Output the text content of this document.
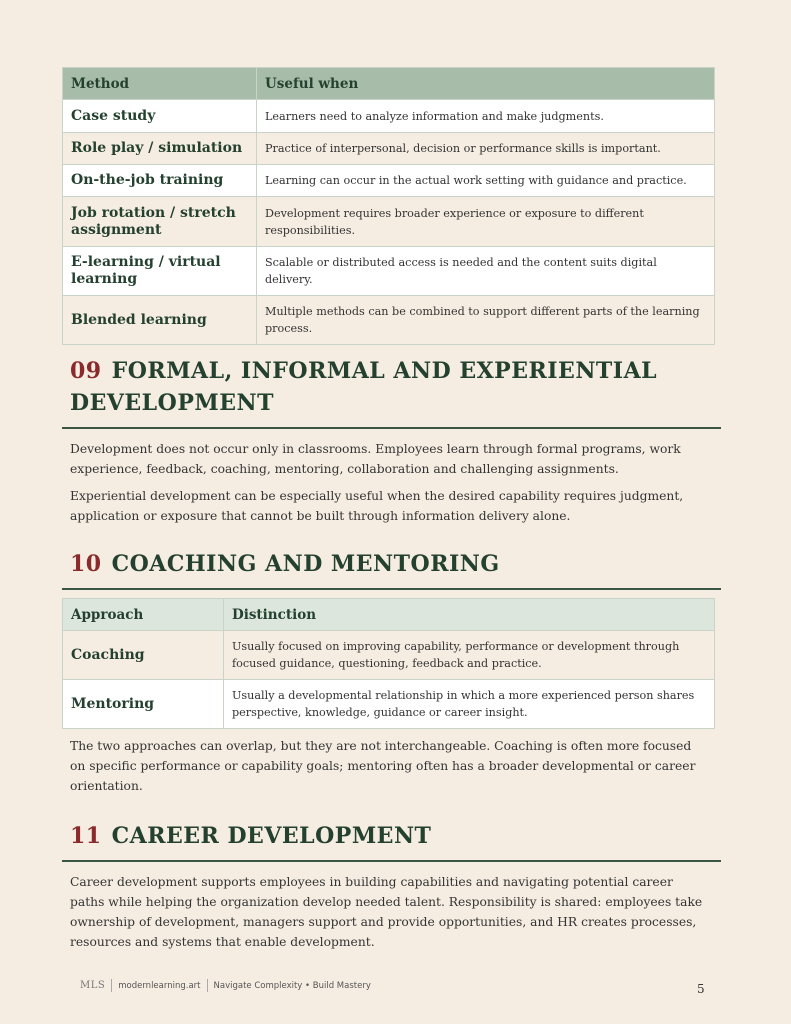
Method	Useful when
Case study	Learners need to analyze information and make judgments.
Role play / simulation	Practice of interpersonal, decision or performance skills is important.
On-the-job training	Learning can occur in the actual work setting with guidance and practice.
Job rotation / stretch assignment	Development requires broader experience or exposure to different responsibilities.
E-learning / virtual learning	Scalable or distributed access is needed and the content suits digital delivery.
Blended learning	Multiple methods can be combined to support different parts of the learning process.
09 FORMAL, INFORMAL AND EXPERIENTIAL DEVELOPMENT

Development does not occur only in classrooms. Employees learn through formal programs, work experience, feedback, coaching, mentoring, collaboration and challenging assignments.

Experiential development can be especially useful when the desired capability requires judgment, application or exposure that cannot be built through information delivery alone.

10 COACHING AND MENTORING
Approach	Distinction
Coaching	Usually focused on improving capability, performance or development through focused guidance, questioning, feedback and practice.
Mentoring	Usually a developmental relationship in which a more experienced person shares perspective, knowledge, guidance or career insight.

The two approaches can overlap, but they are not interchangeable. Coaching is often more focused on specific performance or capability goals; mentoring often has a broader developmental or career orientation.

11 CAREER DEVELOPMENT

Career development supports employees in building capabilities and navigating potential career paths while helping the organization develop needed talent. Responsibility is shared: employees take ownership of development, managers support and provide opportunities, and HR creates processes, resources and systems that enable development.

MLS modernlearning.art Navigate Complexity • Build Mastery	5
